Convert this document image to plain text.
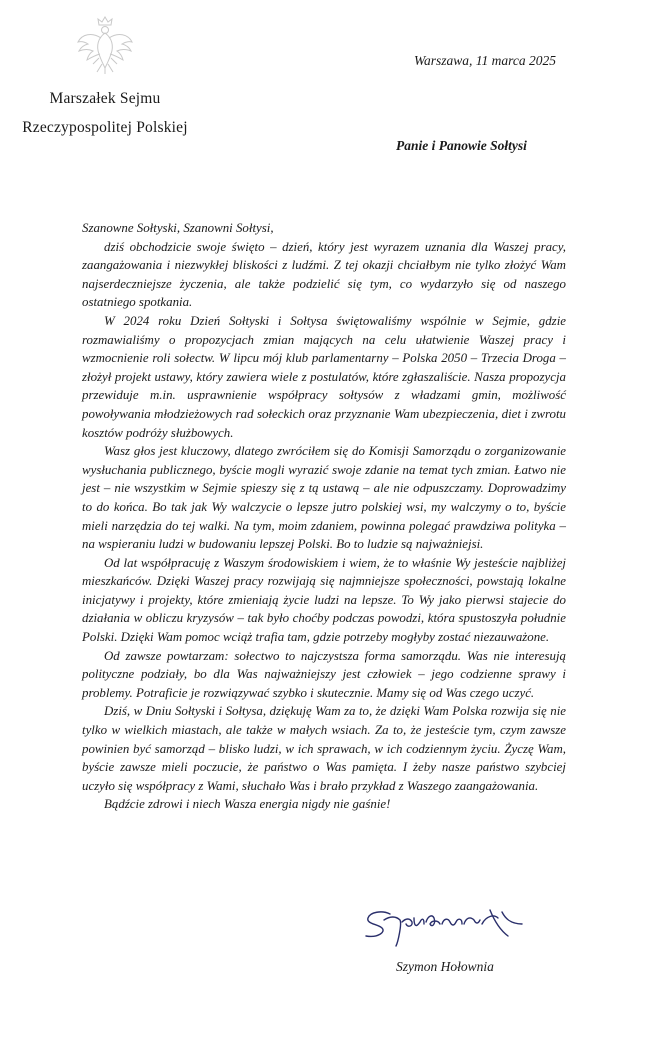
Warszawa, 11 marca 2025

Marszałek Sejmu
Rzeczypospolitej Polskiej

Panie i Panowie Sołtysi

Szanowne Sołtyski, Szanowni Sołtysi,

dziś obchodzicie swoje święto – dzień, który jest wyrazem uznania dla Waszej pracy, zaangażowania i niezwykłej bliskości z ludźmi. Z tej okazji chciałbym nie tylko złożyć Wam najserdeczniejsze życzenia, ale także podzielić się tym, co wydarzyło się od naszego ostatniego spotkania.

W 2024 roku Dzień Sołtyski i Sołtysa świętowaliśmy wspólnie w Sejmie, gdzie rozmawialiśmy o propozycjach zmian mających na celu ułatwienie Waszej pracy i wzmocnienie roli sołectw. W lipcu mój klub parlamentarny – Polska 2050 – Trzecia Droga – złożył projekt ustawy, który zawiera wiele z postulatów, które zgłaszaliście. Nasza propozycja przewiduje m.in. usprawnienie współpracy sołtysów z władzami gmin, możliwość powoływania młodzieżowych rad sołeckich oraz przyznanie Wam ubezpieczenia, diet i zwrotu kosztów podróży służbowych.

Wasz głos jest kluczowy, dlatego zwróciłem się do Komisji Samorządu o zorganizowanie wysłuchania publicznego, byście mogli wyrazić swoje zdanie na temat tych zmian. Łatwo nie jest – nie wszystkim w Sejmie spieszy się z tą ustawą – ale nie odpuszczamy. Doprowadzimy to do końca. Bo tak jak Wy walczycie o lepsze jutro polskiej wsi, my walczymy o to, byście mieli narzędzia do tej walki. Na tym, moim zdaniem, powinna polegać prawdziwa polityka – na wspieraniu ludzi w budowaniu lepszej Polski. Bo to ludzie są najważniejsi.

Od lat współpracuję z Waszym środowiskiem i wiem, że to właśnie Wy jesteście najbliżej mieszkańców. Dzięki Waszej pracy rozwijają się najmniejsze społeczności, powstają lokalne inicjatywy i projekty, które zmieniają życie ludzi na lepsze. To Wy jako pierwsi stajecie do działania w obliczu kryzysów – tak było choćby podczas powodzi, która spustoszyła południe Polski. Dzięki Wam pomoc wciąż trafia tam, gdzie potrzeby mogłyby zostać niezauważone.

Od zawsze powtarzam: sołectwo to najczystsza forma samorządu. Was nie interesują polityczne podziały, bo dla Was najważniejszy jest człowiek – jego codzienne sprawy i problemy. Potraficie je rozwiązywać szybko i skutecznie. Mamy się od Was czego uczyć.

Dziś, w Dniu Sołtyski i Sołtysa, dziękuję Wam za to, że dzięki Wam Polska rozwija się nie tylko w wielkich miastach, ale także w małych wsiach. Za to, że jesteście tym, czym zawsze powinien być samorząd – blisko ludzi, w ich sprawach, w ich codziennym życiu. Życzę Wam, byście zawsze mieli poczucie, że państwo o Was pamięta. I żeby nasze państwo szybciej uczyło się współpracy z Wami, słuchało Was i brało przykład z Waszego zaangażowania.

Bądźcie zdrowi i niech Wasza energia nigdy nie gaśnie!

Szymon Hołownia
